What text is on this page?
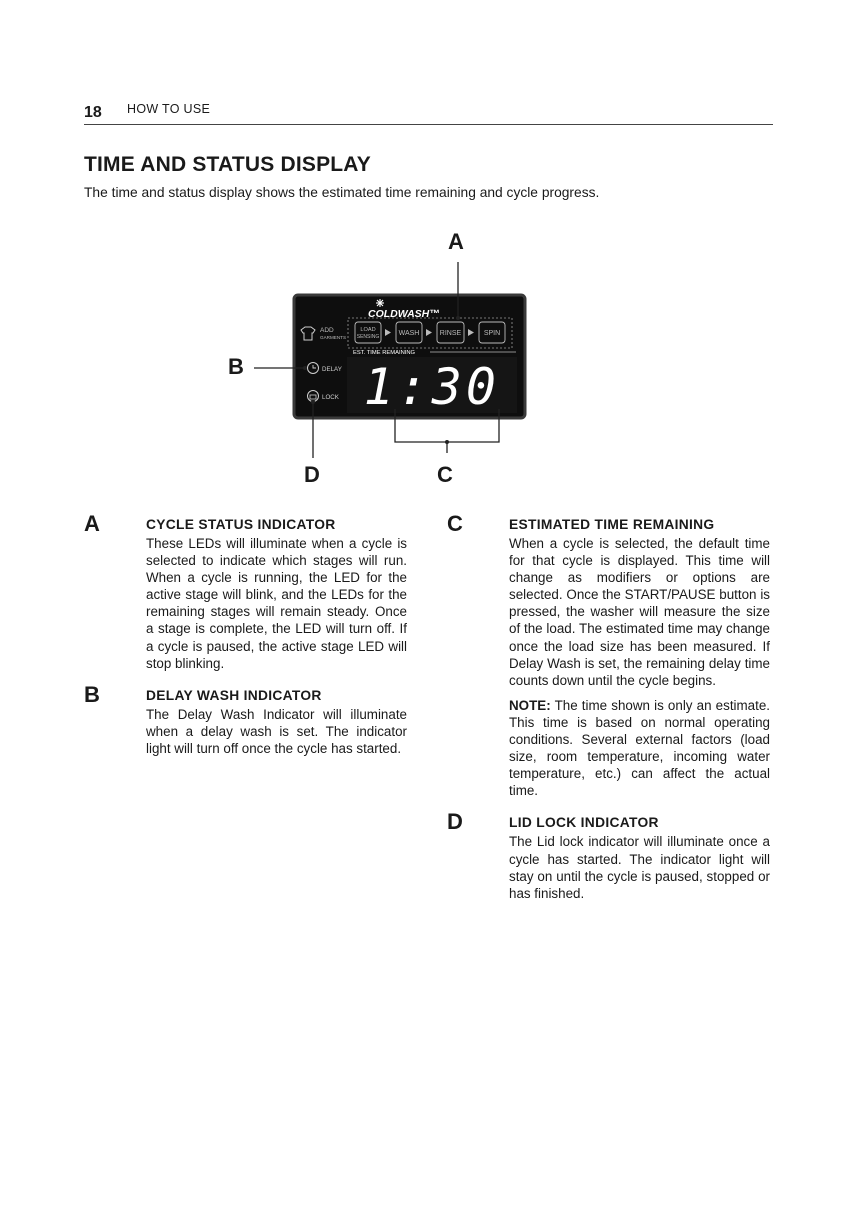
18 HOW TO USE
TIME AND STATUS DISPLAY

The time and status display shows the estimated time remaining and cycle progress.

COLDWASH™
ADD
GARMENTS
LOAD
SENSING	WASH	RINSE	SPIN
EST. TIME REMAINING
DELAY
LOCK 1:30
A
B
D	C
A	CYCLE STATUS INDICATOR

These LEDs will illuminate when a cycle is selected to indicate which stages will run. When a cycle is running, the LED for the active stage will blink, and the LEDs for the remaining stages will remain steady. Once a stage is complete, the LED will turn off. If a cycle is paused, the active stage LED will stop blinking.

B	DELAY WASH INDICATOR

The Delay Wash Indicator will illuminate when a delay wash is set. The indicator light will turn off once the cycle has started.

C	ESTIMATED TIME REMAINING

When a cycle is selected, the default time for that cycle is displayed. This time will change as modifiers or options are selected. Once the START/PAUSE button is pressed, the washer will measure the size of the load. The estimated time may change once the load size has been measured. If Delay Wash is set, the remaining delay time counts down until the cycle begins.

NOTE: The time shown is only an estimate. This time is based on normal operating conditions. Several external factors (load size, room temperature, incoming water temperature, etc.) can affect the actual time.

D	LID LOCK INDICATOR

The Lid lock indicator will illuminate once a cycle has started. The indicator light will stay on until the cycle is paused, stopped or has finished.
